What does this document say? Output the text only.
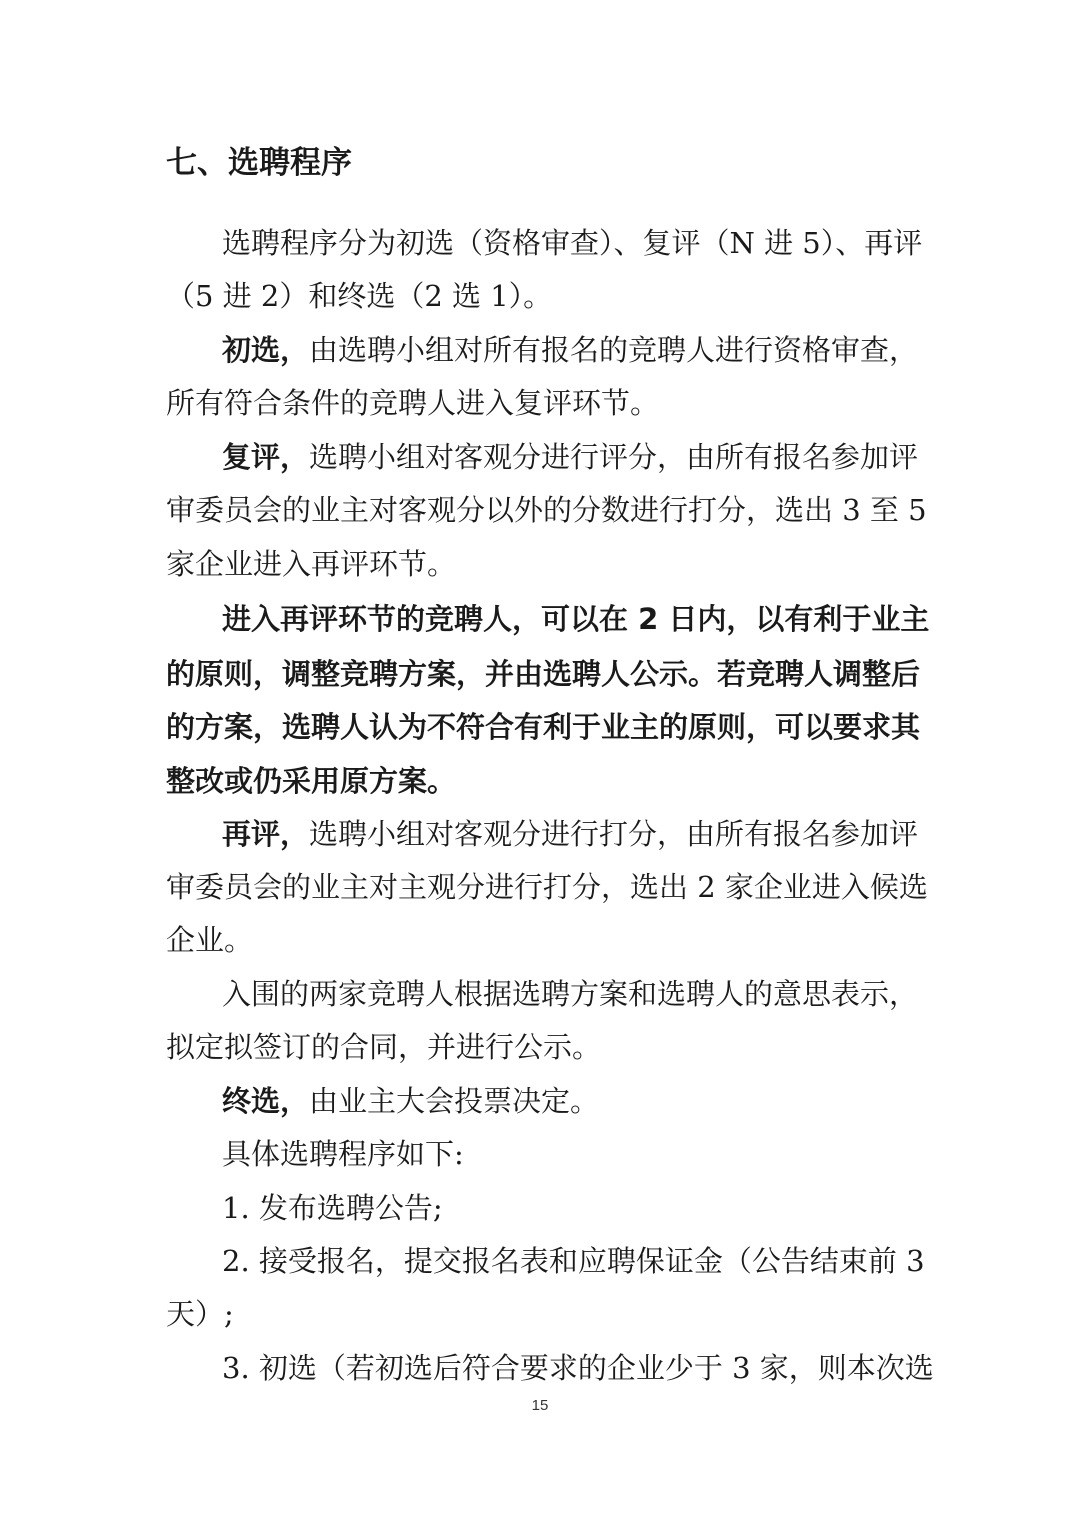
七、选聘程序
选聘程序分为初选（资格审查）、复评（N 进 5）、再评
（5 进 2）和终选（2 选 1）。
初选，由选聘小组对所有报名的竞聘人进行资格审查，
所有符合条件的竞聘人进入复评环节。
复评，选聘小组对客观分进行评分，由所有报名参加评
审委员会的业主对客观分以外的分数进行打分，选出 3 至 5
家企业进入再评环节。
进入再评环节的竞聘人，可以在 2 日内，以有利于业主
的原则，调整竞聘方案，并由选聘人公示。若竞聘人调整后
的方案，选聘人认为不符合有利于业主的原则，可以要求其
整改或仍采用原方案。
再评，选聘小组对客观分进行打分，由所有报名参加评
审委员会的业主对主观分进行打分，选出 2 家企业进入候选
企业。
入围的两家竞聘人根据选聘方案和选聘人的意思表示，
拟定拟签订的合同，并进行公示。
终选，由业主大会投票决定。
具体选聘程序如下:
1. 发布选聘公告;
2. 接受报名，提交报名表和应聘保证金（公告结束前 3
天）;
3. 初选（若初选后符合要求的企业少于 3 家，则本次选
15
